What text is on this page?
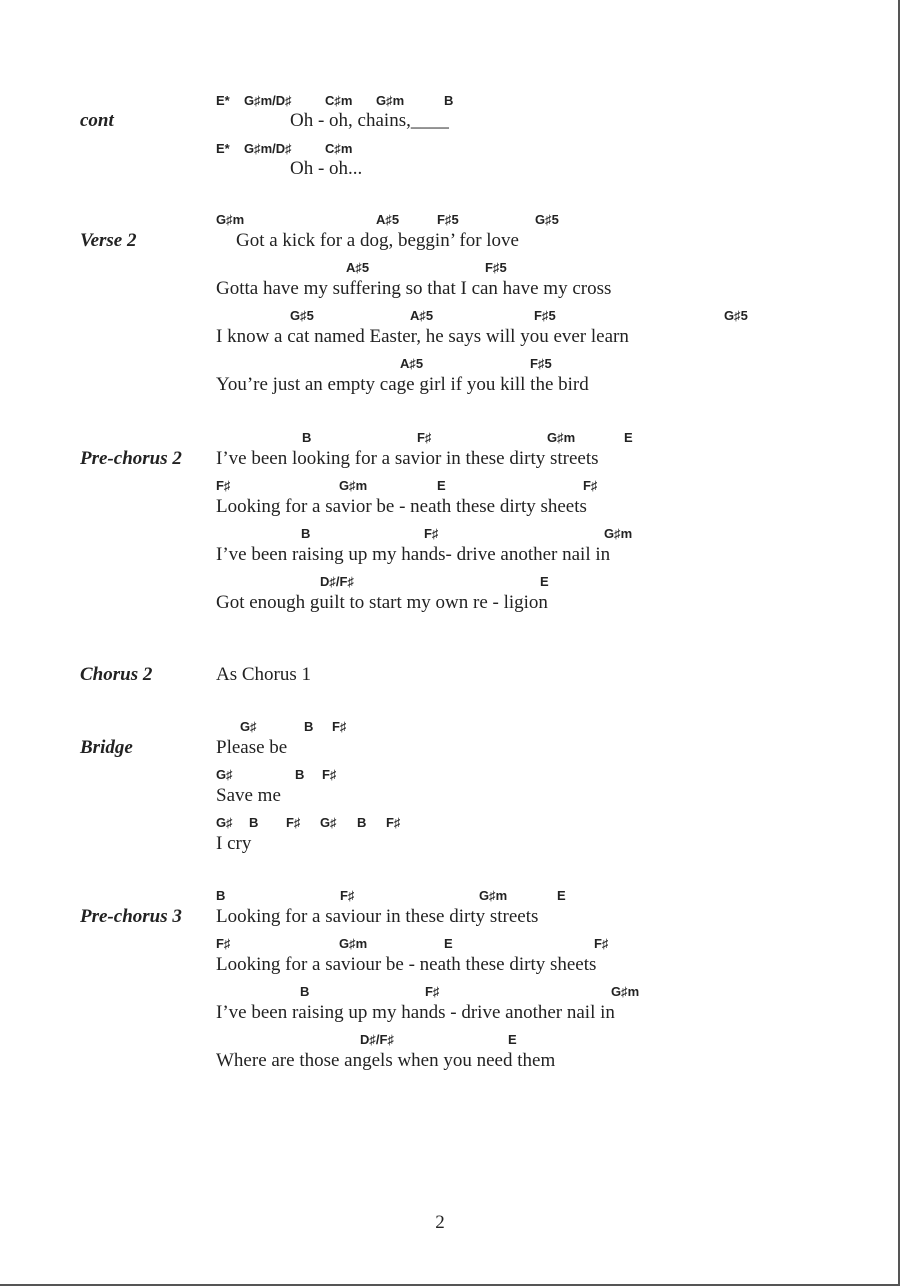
cont
E* G♯m/D♯	C♯m G♯m	B
Oh - oh, chains,____
E* G♯m/D♯	C♯m
Oh - oh...
Verse 2
G♯m	A♯5	F♯5	G♯5
Got a kick for a dog, beggin’ for love
A♯5	F♯5
Gotta have my suffering so that I can have my cross
G♯5	A♯5	F♯5	G♯5
I know a cat named Easter, he says will you ever learn
A♯5	F♯5
You’re just an empty cage girl if you kill the bird
Pre-chorus 2
B	F♯	G♯m	E
I’ve been looking for a savior in these dirty streets
F♯	G♯m	E	F♯
Looking for a savior be - neath these dirty sheets
B	F♯	G♯m
I’ve been raising up my hands- drive another nail in
D♯/F♯	E
Got enough guilt to start my own re - ligion
Chorus 2	As Chorus 1
Bridge
G♯	B F♯
Please be
G♯	B F♯
Save me
G♯ B F♯ G♯ B F♯
I cry
Pre-chorus 3
B	F♯	G♯m	E
Looking for a saviour in these dirty streets
F♯	G♯m	E	F♯
Looking for a saviour be - neath these dirty sheets
B	F♯	G♯m
I’ve been raising up my hands - drive another nail in
D♯/F♯	E
Where are those angels when you need them
2
